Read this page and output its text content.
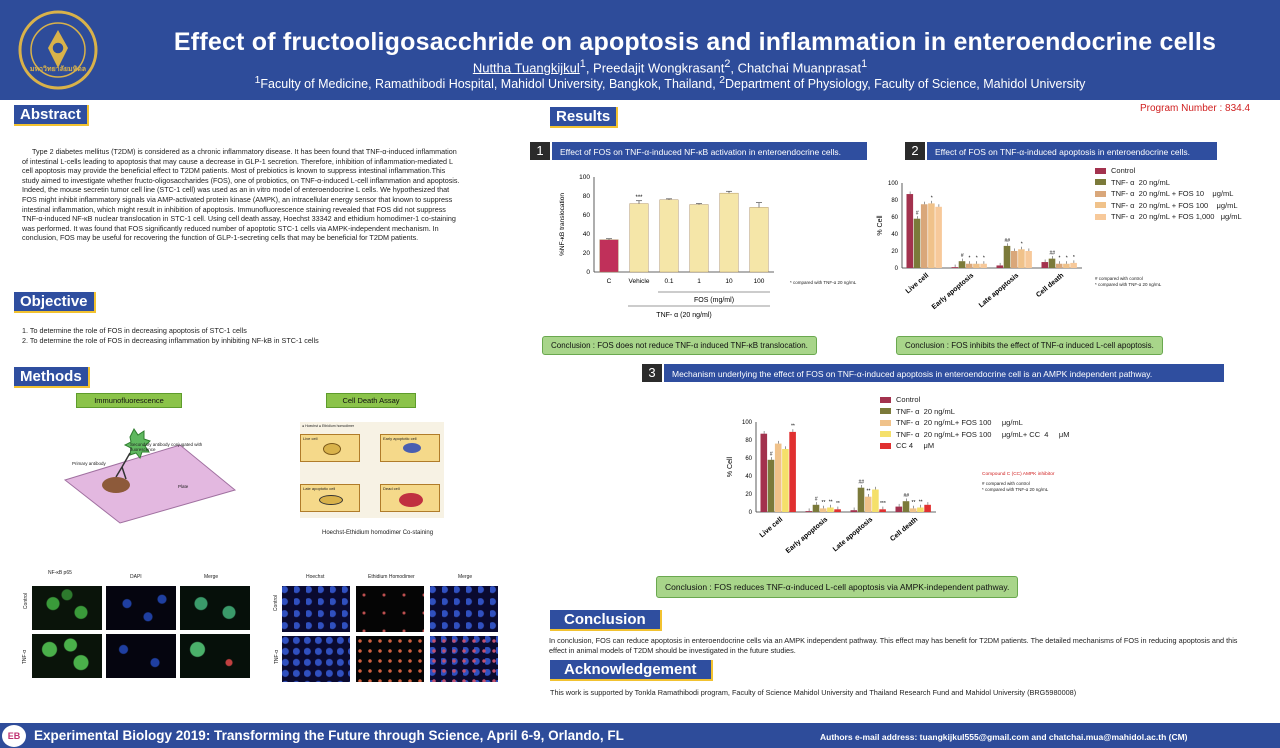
มหาวิทยาลัยมหิดล
Effect of fructooligosacchride on apoptosis and inflammation in enteroendocrine cells
Nuttha Tuangkijkul$^1$, Preedajit Wongkrasant$^2$, Chatchai Muanprasat$^1$
$^1$Faculty of Medicine, Ramathibodi Hospital, Mahidol University, Bangkok, Thailand, $^2$Department of Physiology, Faculty of Science, Mahidol University
Abstract
Type 2 diabetes mellitus (T2DM) is considered as a chronic inflammatory disease. It has been found that TNF-α-induced inflammation of intestinal L-cells leading to apoptosis that may cause a decrease in GLP-1 secretion. Therefore, inhibition of inflammation-mediated L cell apoptosis may provide the beneficial effect to T2DM patients. Most of prebiotics is known to suppress intestinal inflammation.This study aimed to investigate whether fructo-oligosaccharides (FOS), one of probiotics, on TNF-α-induced L-cell inflammation and apoptosis. Indeed, the mouse secretin tumor cell line (STC-1 cell) was used as an in vitro model of enteroendocrine L cells. We hypothesized that FOS might inhibit inflammatory signals via AMP-activated protein kinase (AMPK), an intracellular energy sensor that known to suppress intestinal inflammation, which might result in inhibition of apoptosis. Immunofluorescence staining revealed that FOS did not suppress TNF-α-induced NF-κB nuclear translocation in STC-1 cell. Using cell death assay, Hoechst 33342 and ethidium homodimer-1 co-staining was performed. It was found that FOS significantly reduced number of apoptotic STC-1 cells via AMPK-independent mechanism. In conclusion, FOS may be useful for recovering the function of GLP-1-secreting cells that may be beneficial for T2DM patients.
Objective
1. To determine the role of FOS in decreasing apoptosis of STC-1 cells
2. To determine the role of FOS in decreasing inflammation by inhibiting NF-kB in STC-1 cells
Methods
Immunofluorescence	Cell Death Assay
Secondary antibody conjugated with fluorescence
Primary antibody
Plate
Live cell	Early apoptotic cell
Late apoptotic cell	Dead cell
● Hoechst ● Ethidium homodimer
Hoechst-Ethidium homodimer Co-staining
NF-κB p65
DAPI	Merge
Control
TNF-α
Hoechst	Ethidium Homodimer	Merge
Control
TNF-α
Program Number : 834.4
Results
1	Effect of FOS on TNF-α-induced NF-κB activation in enteroendocrine cells.	2	Effect of FOS on TNF-α-induced apoptosis in enteroendocrine cells.
0
20
40
60
80
100
C
***
Vehicle 0.1	1	10	100
FOS (mg/ml)
TNF- α (20 ng/ml)
%NF-κB translocation
* compared with TNF-α 20 ng/mL
0
20
40
60
80
100
#
*
Live cell
# * * *
Early apoptosis
##
*
Late apoptosis
##
* * *
Cell death
% Cell
Control
TNF- α  20 ng/mL
TNF- α  20 ng/mL + FOS 10    μg/mL
TNF- α  20 ng/mL + FOS 100    μg/mL
TNF- α  20 ng/mL + FOS 1,000   μg/mL
# compared with control
* compared with TNF-α 20 ng/mL
Conclusion : FOS does not reduce TNF-α induced TNF-κB translocation.	Conclusion : FOS inhibits the effect of TNF-α induced L-cell apoptosis.
3	Mechanism underlying the effect of FOS on TNF-α-induced apoptosis in enteroendocrine cell is an AMPK independent pathway.
0
20
40
60
80
100
#
**
Live cell
#
** ** **
Early apoptosis
##
**
***
Late apoptosis
##
** **
Cell death
% Cell
Control
TNF- α  20 ng/mL
TNF- α  20 ng/mL+ FOS 100     μg/mL
TNF- α  20 ng/mL+ FOS 100     μg/mL+ CC  4     μM
CC 4     μM
Compound C (CC) AMPK inhibitor
# compared with control
* compared with TNF-α 20 ng/mL
Conclusion : FOS reduces TNF-α-induced L-cell apoptosis via AMPK-independent pathway.
Conclusion
In conclusion, FOS can reduce apoptosis in enteroendocrine cells via an AMPK independent pathway. This effect may has benefit for T2DM patients. The detailed mechanisms of FOS in reducing apoptosis and this effect in animal models of T2DM should be investigated in the future studies.
Acknowledgement
This work is supported by Tonkla Ramathibodi program, Faculty of Science Mahidol University and Thailand Research Fund and Mahidol University (BRG5980008)
EB	Experimental Biology 2019: Transforming the Future through Science, April 6-9, Orlando, FL	Authors e-mail address: tuangkijkul555@gmail.com and chatchai.mua@mahidol.ac.th (CM)
